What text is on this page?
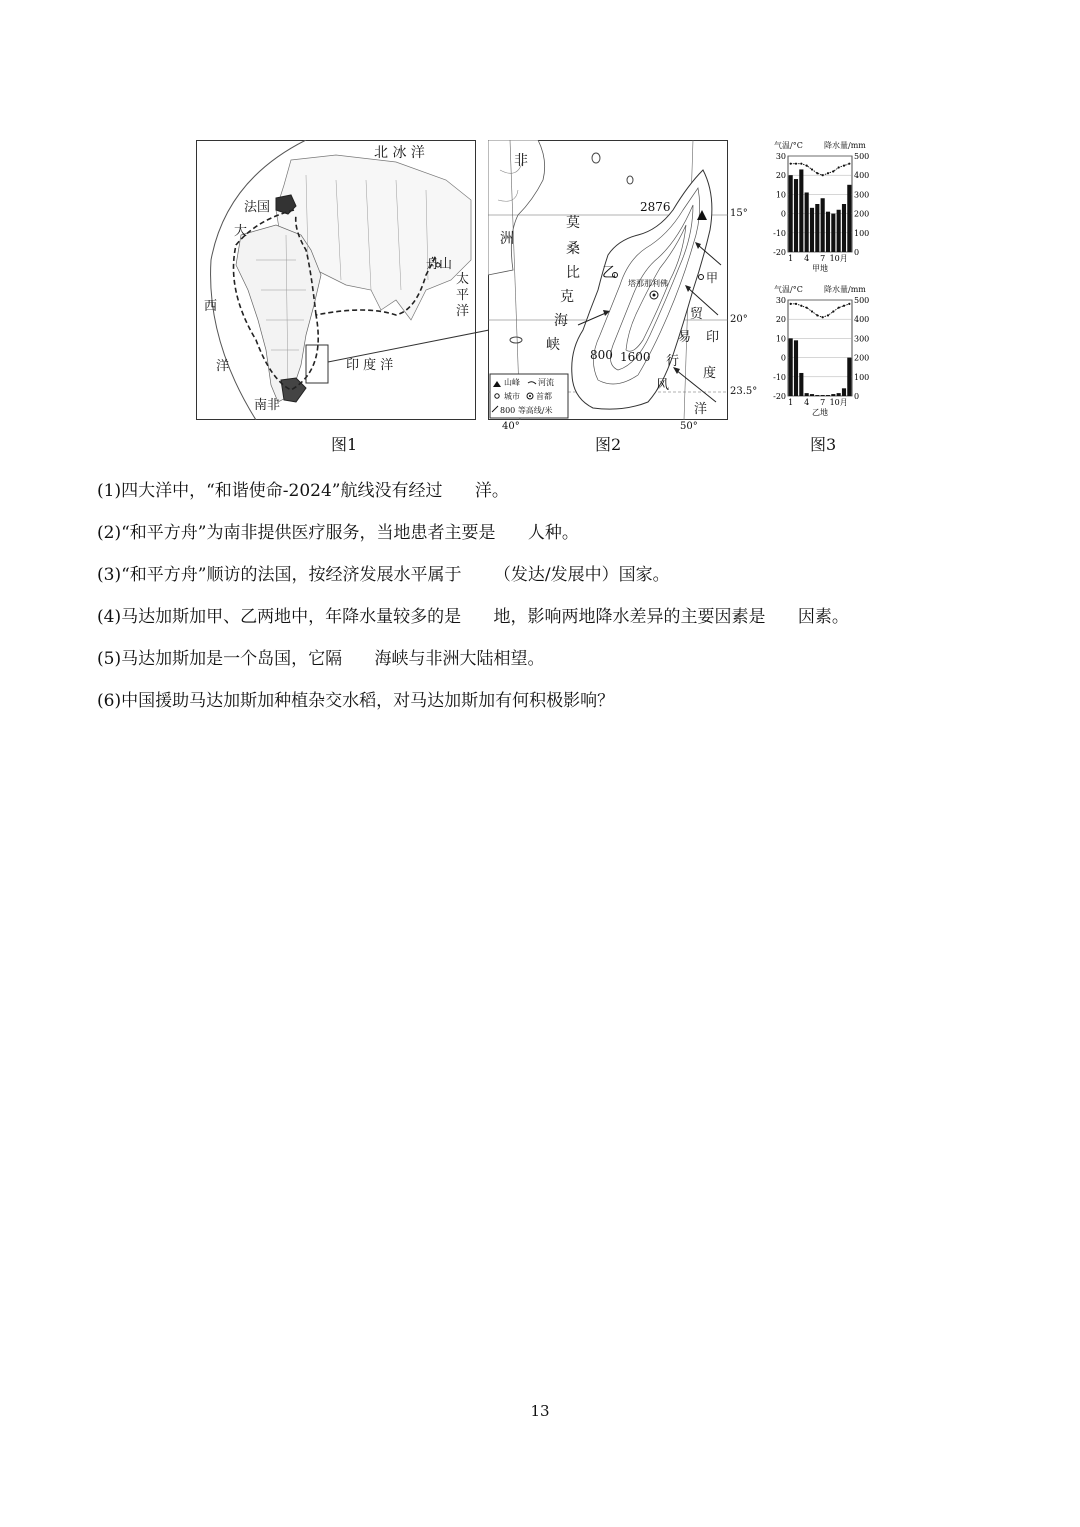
北 冰 洋
法国
大
西
洋
舟山
太
平
洋
印 度 洋
南非
非
洲
2876
莫
桑
比
克
海
峡
乙	甲
塔那那利佛
800 1600
贸
易
行
风
印
度
洋
15°
20°
23.5°
40°	50°
山峰 河流
城市 首都
800 等高线/米
气温/°C	降水量/mm
30
20
10
0
-10
-20
500
400
300
200
100
0
1 4 7 10月
甲地
气温/°C	降水量/mm
30
20
10
0
-10
-20
500
400
300
200
100
0
1 4 7 10月
乙地
图1	图2	图3
(1)四大洋中，“和谐使命-2024”航线没有经过      洋。
(2)“和平方舟”为南非提供医疗服务，当地患者主要是      人种。
(3)“和平方舟”顺访的法国，按经济发展水平属于      （发达/发展中）国家。
(4)马达加斯加甲、乙两地中，年降水量较多的是      地，影响两地降水差异的主要因素是      因素。
(5)马达加斯加是一个岛国，它隔      海峡与非洲大陆相望。
(6)中国援助马达加斯加种植杂交水稻，对马达加斯加有何积极影响？
13
